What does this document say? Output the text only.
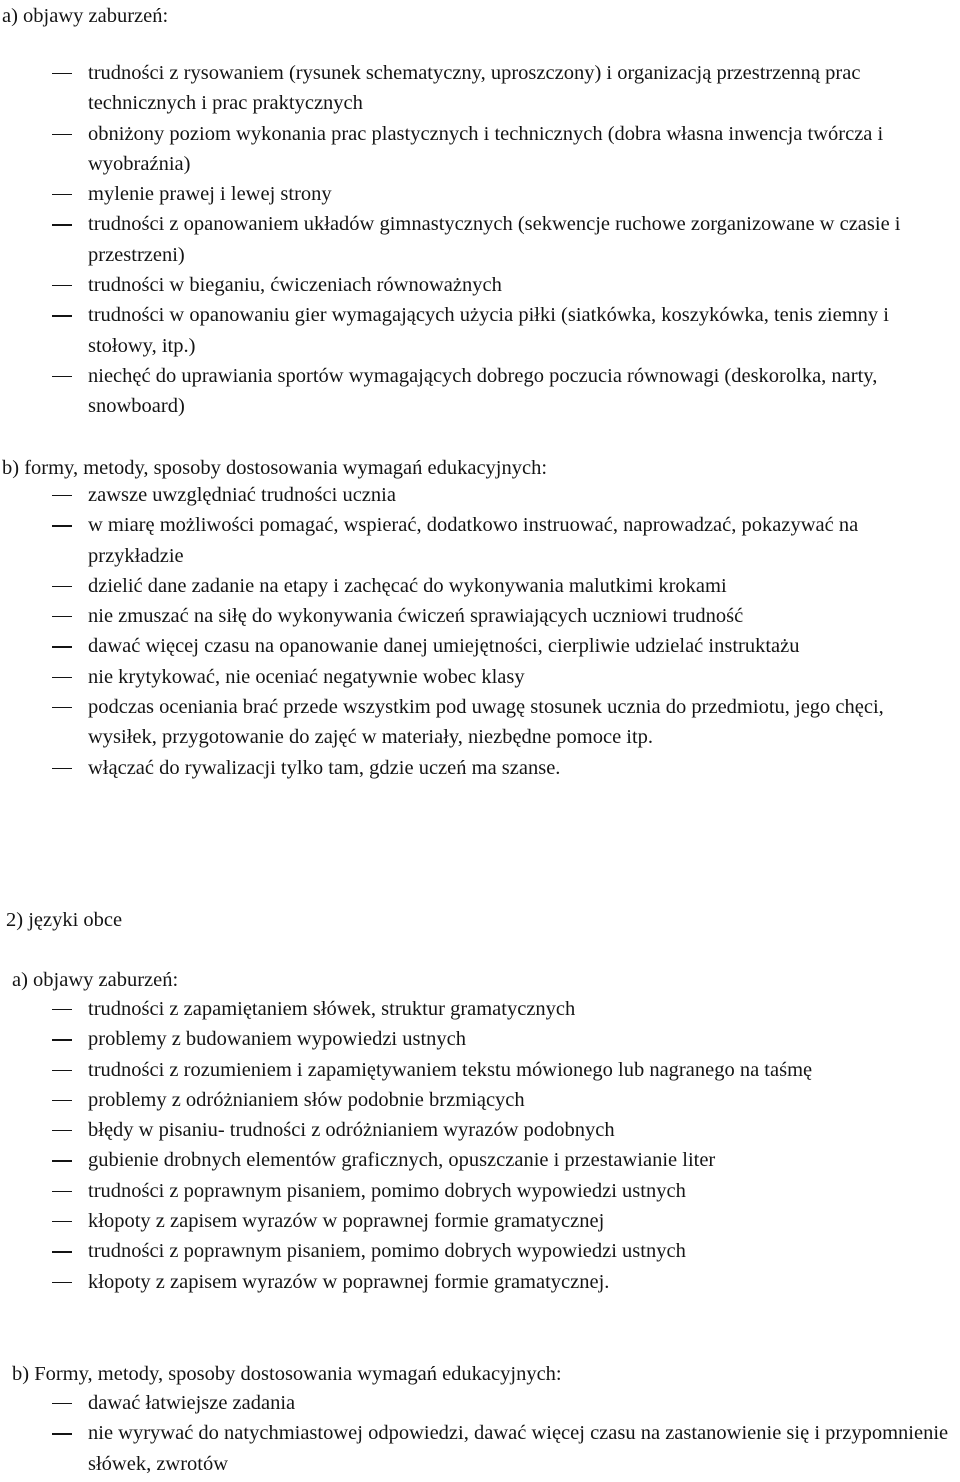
a) objawy zaburzeń:
trudności z rysowaniem (rysunek schematyczny, uproszczony) i organizacją przestrzenną prac technicznych i prac praktycznych
obniżony poziom wykonania prac plastycznych i technicznych (dobra własna inwencja twórcza i wyobraźnia)
mylenie prawej i lewej strony
trudności z opanowaniem układów gimnastycznych (sekwencje ruchowe zorganizowane w czasie i przestrzeni)
trudności w bieganiu, ćwiczeniach równoważnych
trudności w opanowaniu gier wymagających użycia piłki (siatkówka, koszykówka, tenis ziemny i stołowy, itp.)
niechęć do uprawiania sportów wymagających dobrego poczucia równowagi (deskorolka, narty, snowboard)
b) formy, metody, sposoby dostosowania wymagań edukacyjnych:
zawsze uwzględniać trudności ucznia
w miarę możliwości pomagać, wspierać, dodatkowo instruować, naprowadzać, pokazywać na przykładzie
dzielić dane zadanie na etapy i zachęcać do wykonywania malutkimi krokami
nie zmuszać na siłę do wykonywania ćwiczeń sprawiających uczniowi trudność
dawać więcej czasu na opanowanie danej umiejętności, cierpliwie udzielać instruktażu
nie krytykować, nie oceniać negatywnie wobec klasy
podczas oceniania brać przede wszystkim pod uwagę stosunek ucznia do przedmiotu, jego chęci, wysiłek, przygotowanie do zajęć w materiały, niezbędne pomoce itp.
włączać do rywalizacji tylko tam, gdzie uczeń ma szanse.
2) języki obce
a) objawy zaburzeń:
trudności z zapamiętaniem słówek, struktur gramatycznych
problemy z budowaniem wypowiedzi ustnych
trudności z rozumieniem i zapamiętywaniem tekstu mówionego lub nagranego na taśmę
problemy z odróżnianiem słów podobnie brzmiących
błędy w pisaniu- trudności z odróżnianiem wyrazów podobnych
gubienie drobnych elementów graficznych, opuszczanie i przestawianie liter
trudności z poprawnym pisaniem, pomimo dobrych wypowiedzi ustnych
kłopoty z zapisem wyrazów w poprawnej formie gramatycznej
trudności z poprawnym pisaniem, pomimo dobrych wypowiedzi ustnych
kłopoty z zapisem wyrazów w poprawnej formie gramatycznej.
b) Formy, metody, sposoby dostosowania wymagań edukacyjnych:
dawać łatwiejsze zadania
nie wyrywać do natychmiastowej odpowiedzi, dawać więcej czasu na zastanowienie się i przypomnienie słówek, zwrotów
